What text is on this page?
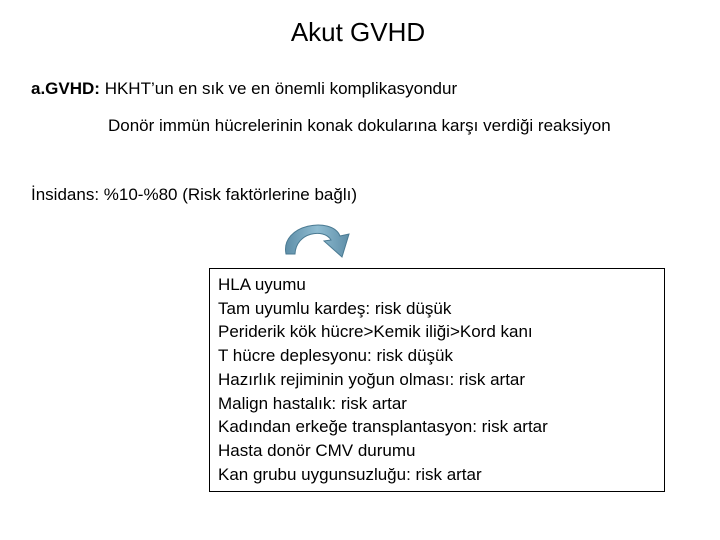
Akut GVHD
a.GVHD: HKHT’un en sık ve en önemli komplikasyondur
Donör immün hücrelerinin konak dokularına karşı verdiği reaksiyon
İnsidans: %10-%80 (Risk faktörlerine bağlı)
HLA uyumu
Tam uyumlu kardeş: risk düşük
Periderik kök hücre>Kemik iliği>Kord kanı
T hücre deplesyonu: risk düşük
Hazırlık rejiminin yoğun olması: risk artar
Malign hastalık: risk artar
Kadından erkeğe transplantasyon: risk artar
Hasta donör CMV durumu
Kan grubu uygunsuzluğu: risk artar
